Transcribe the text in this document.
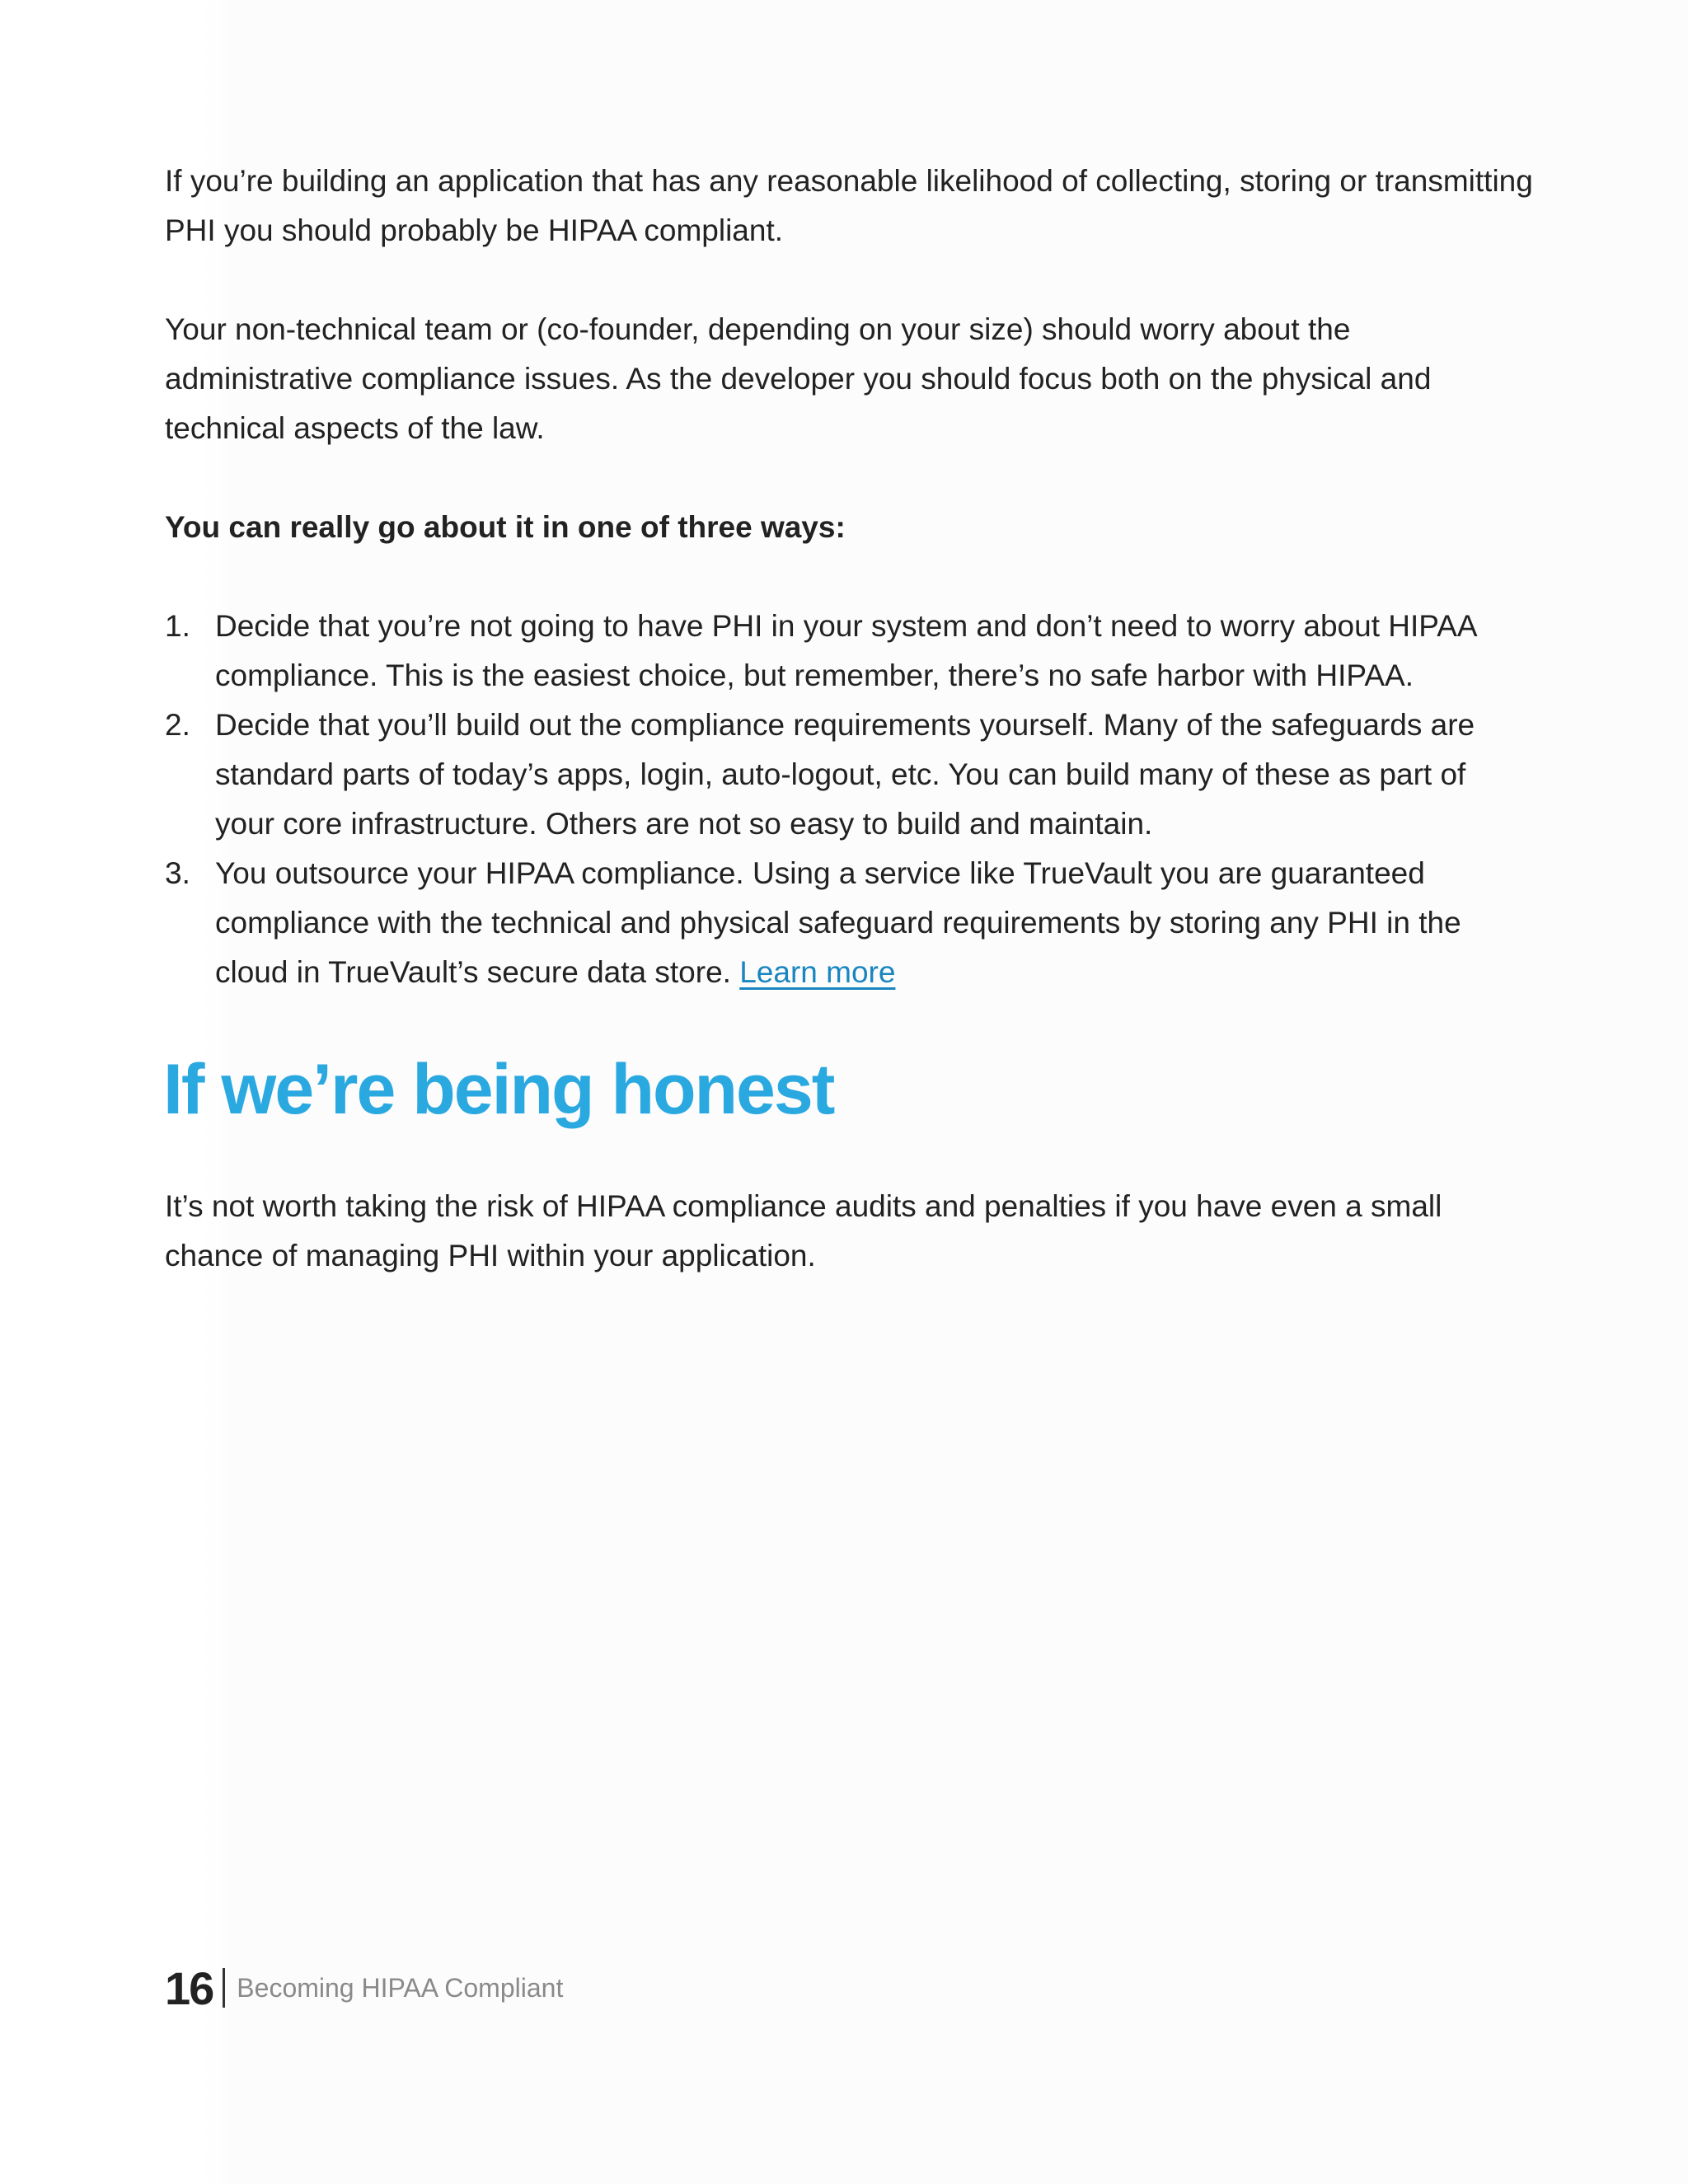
If you’re building an application that has any reasonable likelihood of collecting, storing or transmitting PHI you should probably be HIPAA compliant.

Your non-technical team or (co-founder, depending on your size) should worry about the administrative compliance issues. As the developer you should focus both on the physical and technical aspects of the law.

You can really go about it in one of three ways:

1. Decide that you’re not going to have PHI in your system and don’t need to worry about HIPAA compliance. This is the easiest choice, but remember, there’s no safe harbor with HIPAA.
2. Decide that you’ll build out the compliance requirements yourself. Many of the safeguards are standard parts of today’s apps, login, auto-logout, etc. You can build many of these as part of your core infrastructure. Others are not so easy to build and maintain.
3. You outsource your HIPAA compliance. Using a service like TrueVault you are guaranteed compliance with the technical and physical safeguard requirements by storing any PHI in the cloud in TrueVault’s secure data store. Learn more
If we’re being honest

It’s not worth taking the risk of HIPAA compliance audits and penalties if you have even a small chance of managing PHI within your application.

16 Becoming HIPAA Compliant
